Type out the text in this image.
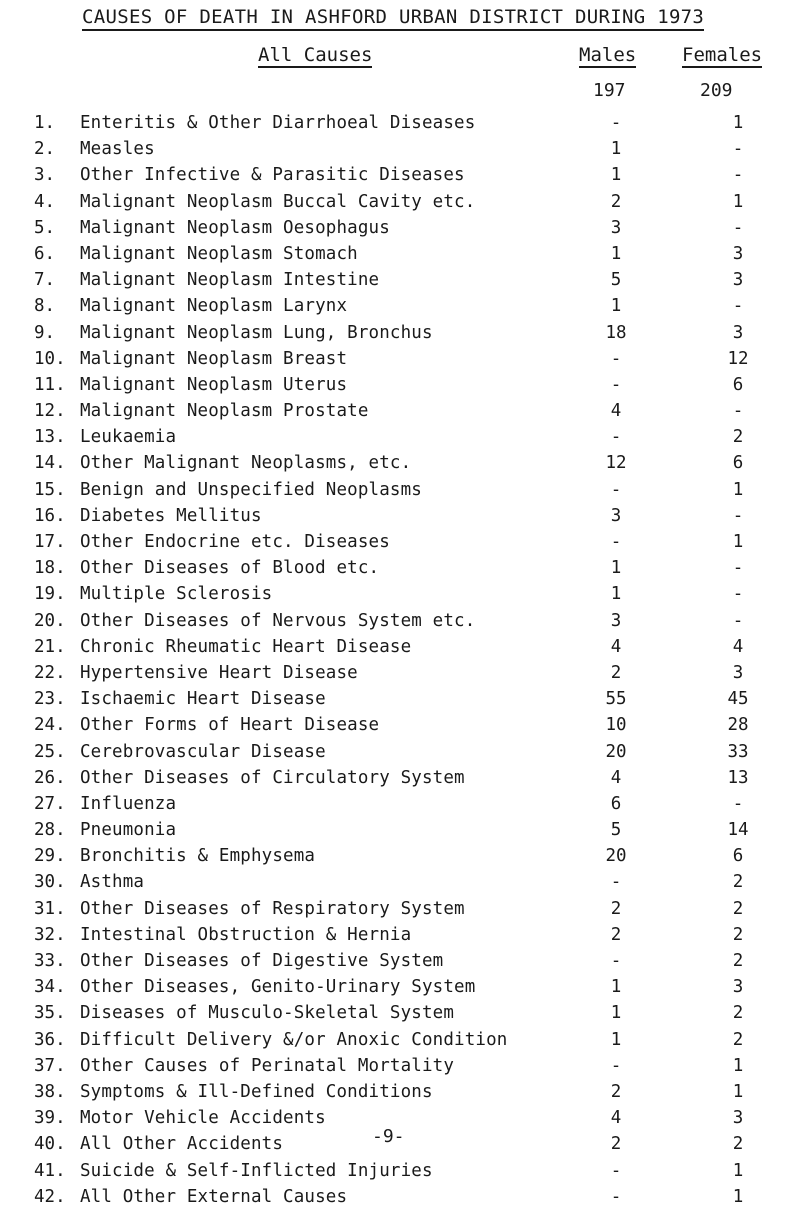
CAUSES OF DEATH IN ASHFORD URBAN DISTRICT DURING 1973
All Causes	Males Females
197	209
1.	Enteritis & Other Diarrhoeal Diseases	-	1
2.	Measles	1	-
3.	Other Infective & Parasitic Diseases	1	-
4.	Malignant Neoplasm Buccal Cavity etc.	2	1
5.	Malignant Neoplasm Oesophagus	3	-
6.	Malignant Neoplasm Stomach	1	3
7.	Malignant Neoplasm Intestine	5	3
8.	Malignant Neoplasm Larynx	1	-
9.	Malignant Neoplasm Lung, Bronchus	18	3
10. Malignant Neoplasm Breast	-	12
11. Malignant Neoplasm Uterus	-	6
12. Malignant Neoplasm Prostate	4	-
13. Leukaemia	-	2
14. Other Malignant Neoplasms, etc.	12	6
15. Benign and Unspecified Neoplasms	-	1
16. Diabetes Mellitus	3	-
17. Other Endocrine etc. Diseases	-	1
18. Other Diseases of Blood etc.	1	-
19. Multiple Sclerosis	1	-
20. Other Diseases of Nervous System etc.	3	-
21. Chronic Rheumatic Heart Disease	4	4
22. Hypertensive Heart Disease	2	3
23. Ischaemic Heart Disease	55	45
24. Other Forms of Heart Disease	10	28
25. Cerebrovascular Disease	20	33
26. Other Diseases of Circulatory System	4	13
27. Influenza	6	-
28. Pneumonia	5	14
29. Bronchitis & Emphysema	20	6
30. Asthma	-	2
31. Other Diseases of Respiratory System	2	2
32. Intestinal Obstruction & Hernia	2	2
33. Other Diseases of Digestive System	-	2
34. Other Diseases, Genito-Urinary System	1	3
35. Diseases of Musculo-Skeletal System	1	2
36. Difficult Delivery &/or Anoxic Condition	1	2
37. Other Causes of Perinatal Mortality	-	1
38. Symptoms & Ill-Defined Conditions	2	1
39. Motor Vehicle Accidents	4	3
40. All Other Accidents	2	2
41. Suicide & Self-Inflicted Injuries	-	1
42. All Other External Causes	-	1
-9-
